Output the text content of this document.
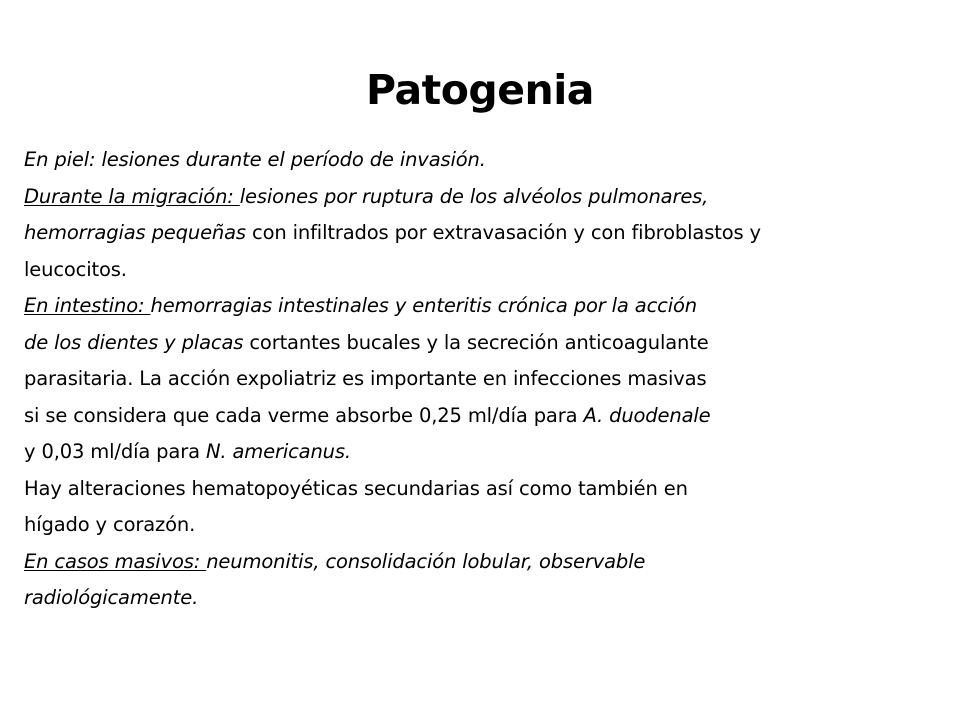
Patogenia
En piel: lesiones durante el período de invasión.
Durante la migración: lesiones por ruptura de los alvéolos pulmonares,
hemorragias pequeñas con infiltrados por extravasación y con fibroblastos y
leucocitos.
En intestino: hemorragias intestinales y enteritis crónica por la acción
de los dientes y placas cortantes bucales y la secreción anticoagulante
parasitaria. La acción expoliatriz es importante en infecciones masivas
si se considera que cada verme absorbe 0,25 ml/día para A. duodenale
y 0,03 ml/día para N. americanus.
Hay alteraciones hematopoyéticas secundarias así como también en
hígado y corazón.
En casos masivos: neumonitis, consolidación lobular, observable
radiológicamente.
